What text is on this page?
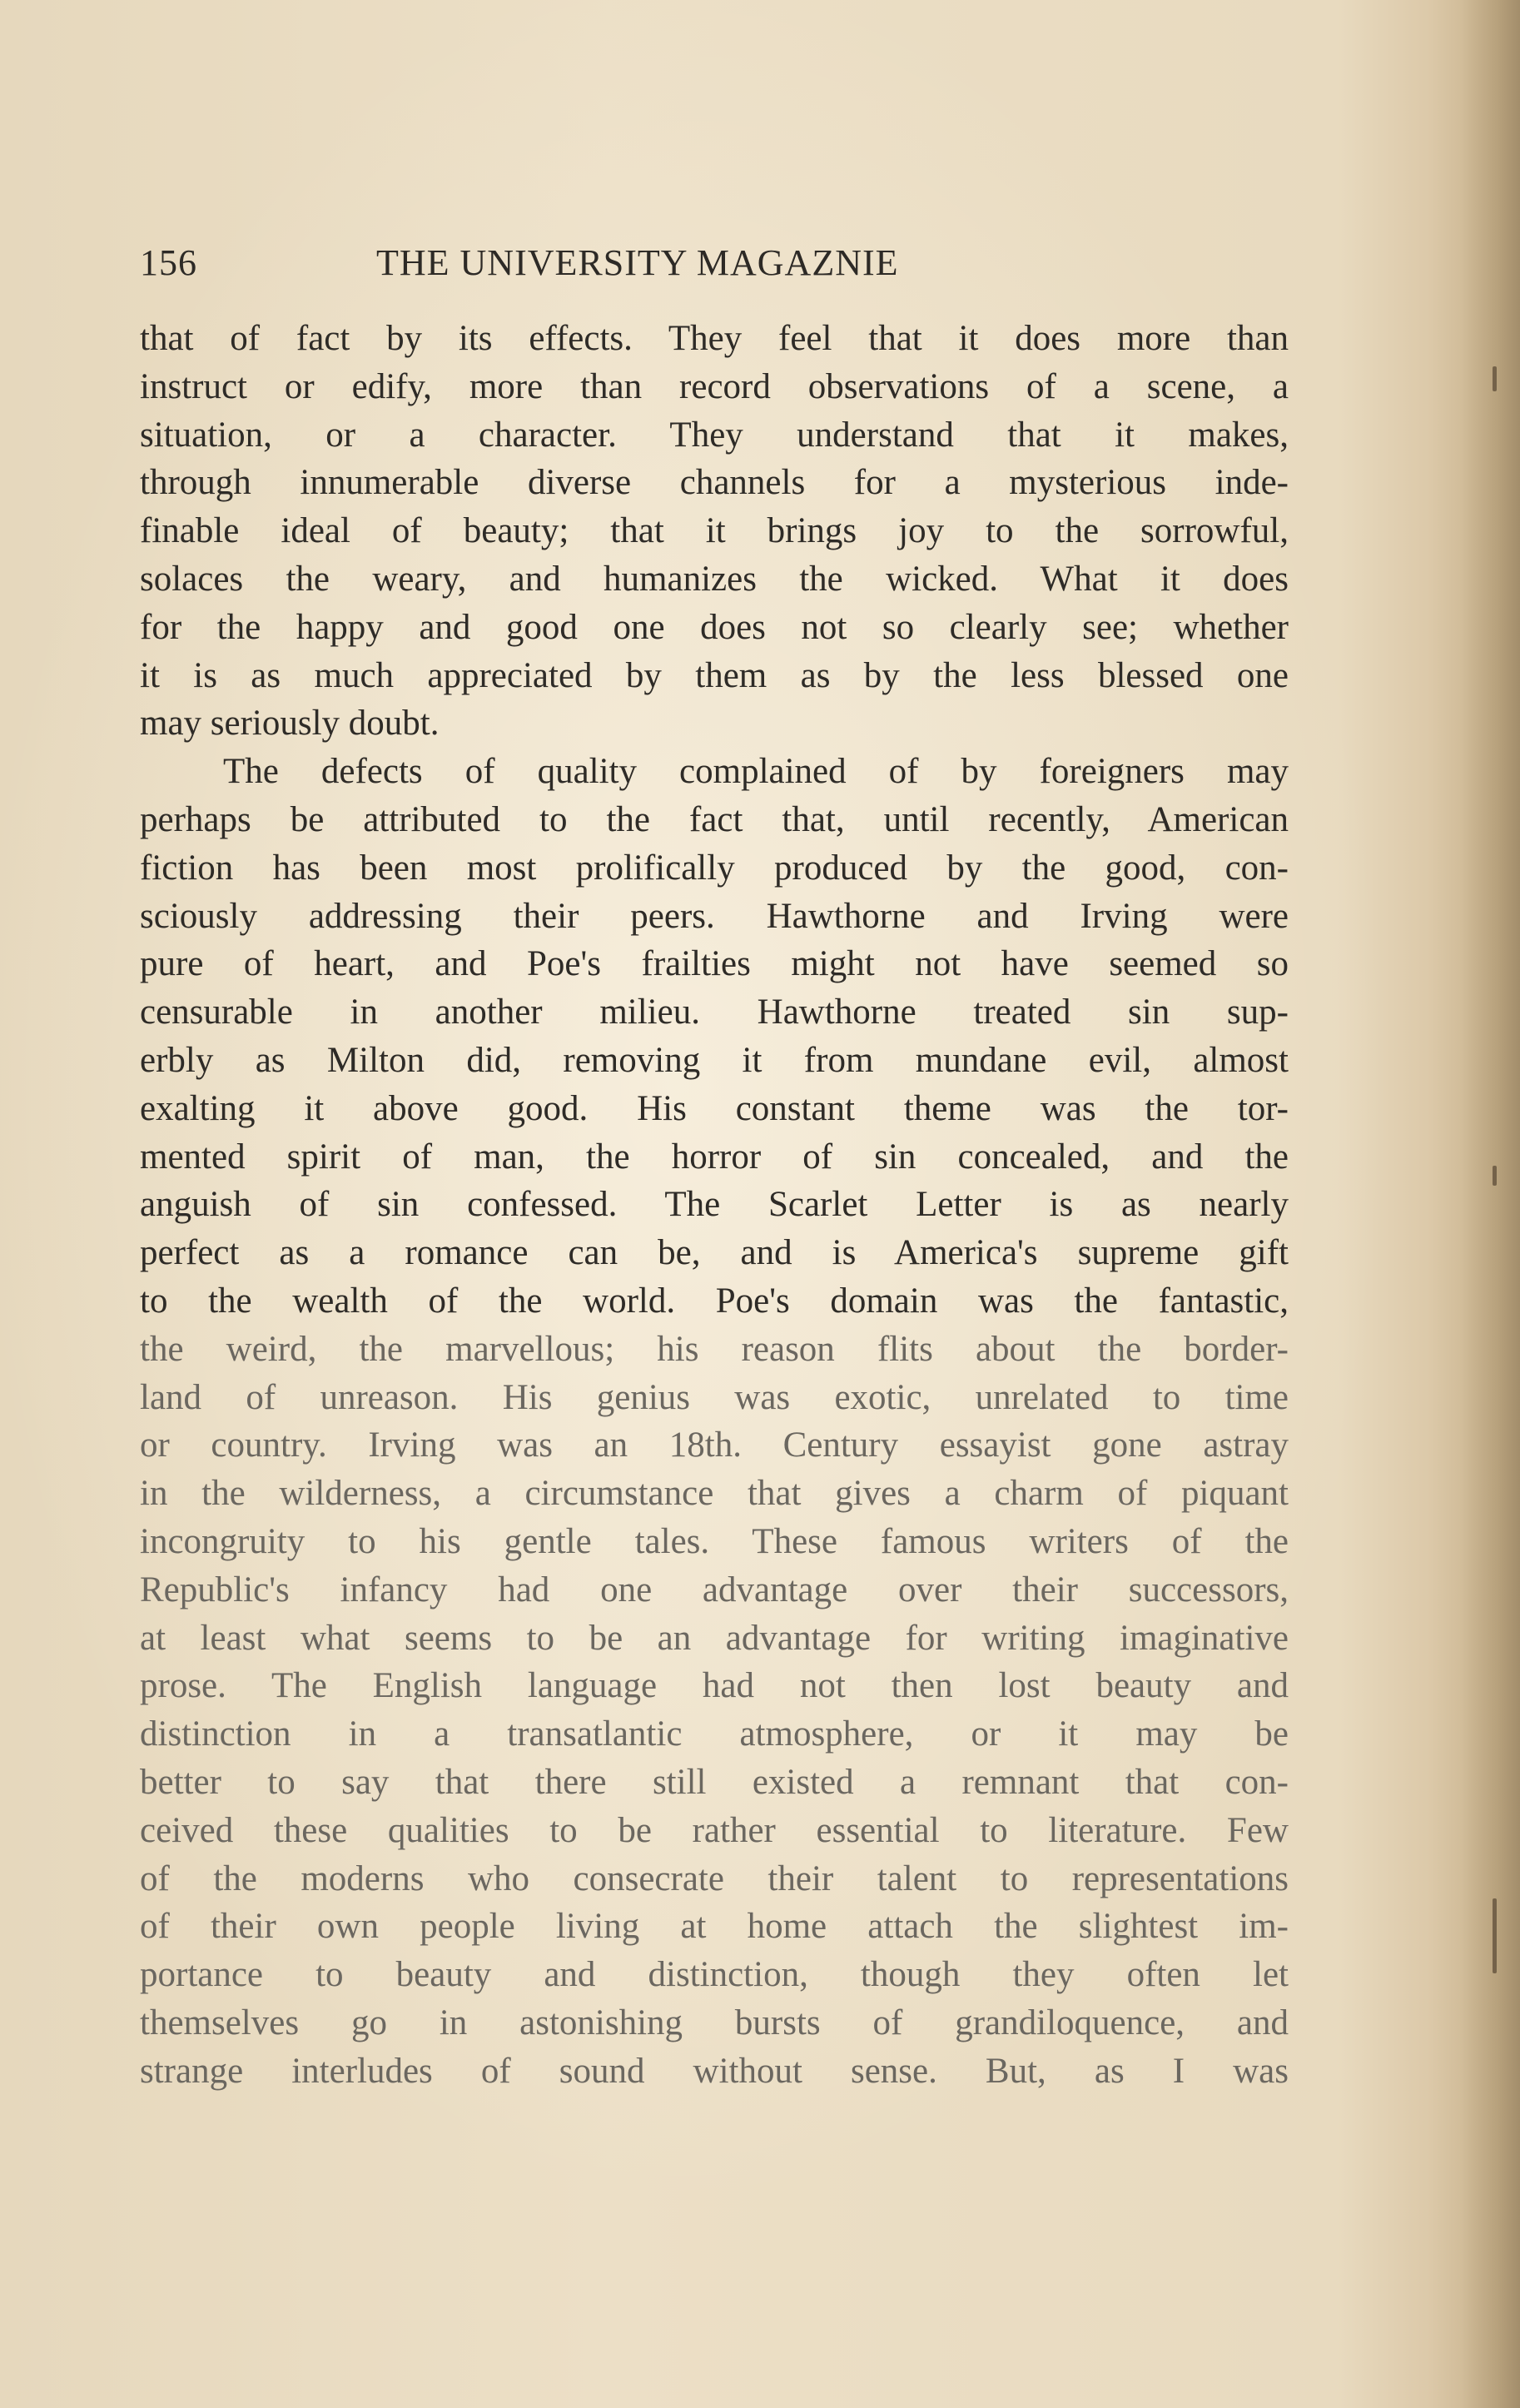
156	THE UNIVERSITY MAGAZNIE
that of fact by its effects. They feel that it does more than
instruct or edify, more than record observations of a scene, a
situation, or a character. They understand that it makes,
through innumerable diverse channels for a mysterious inde-
finable ideal of beauty; that it brings joy to the sorrowful,
solaces the weary, and humanizes the wicked. What it does
for the happy and good one does not so clearly see; whether
it is as much appreciated by them as by the less blessed one
may seriously doubt.
The defects of quality complained of by foreigners may
perhaps be attributed to the fact that, until recently, American
fiction has been most prolifically produced by the good, con-
sciously addressing their peers. Hawthorne and Irving were
pure of heart, and Poe's frailties might not have seemed so
censurable in another milieu. Hawthorne treated sin sup-
erbly as Milton did, removing it from mundane evil, almost
exalting it above good. His constant theme was the tor-
mented spirit of man, the horror of sin concealed, and the
anguish of sin confessed. The Scarlet Letter is as nearly
perfect as a romance can be, and is America's supreme gift
to the wealth of the world. Poe's domain was the fantastic,
the weird, the marvellous; his reason flits about the border-
land of unreason. His genius was exotic, unrelated to time
or country. Irving was an 18th. Century essayist gone astray
in the wilderness, a circumstance that gives a charm of piquant
incongruity to his gentle tales. These famous writers of the
Republic's infancy had one advantage over their successors,
at least what seems to be an advantage for writing imaginative
prose. The English language had not then lost beauty and
distinction in a transatlantic atmosphere, or it may be
better to say that there still existed a remnant that con-
ceived these qualities to be rather essential to literature. Few
of the moderns who consecrate their talent to representations
of their own people living at home attach the slightest im-
portance to beauty and distinction, though they often let
themselves go in astonishing bursts of grandiloquence, and
strange interludes of sound without sense. But, as I was
